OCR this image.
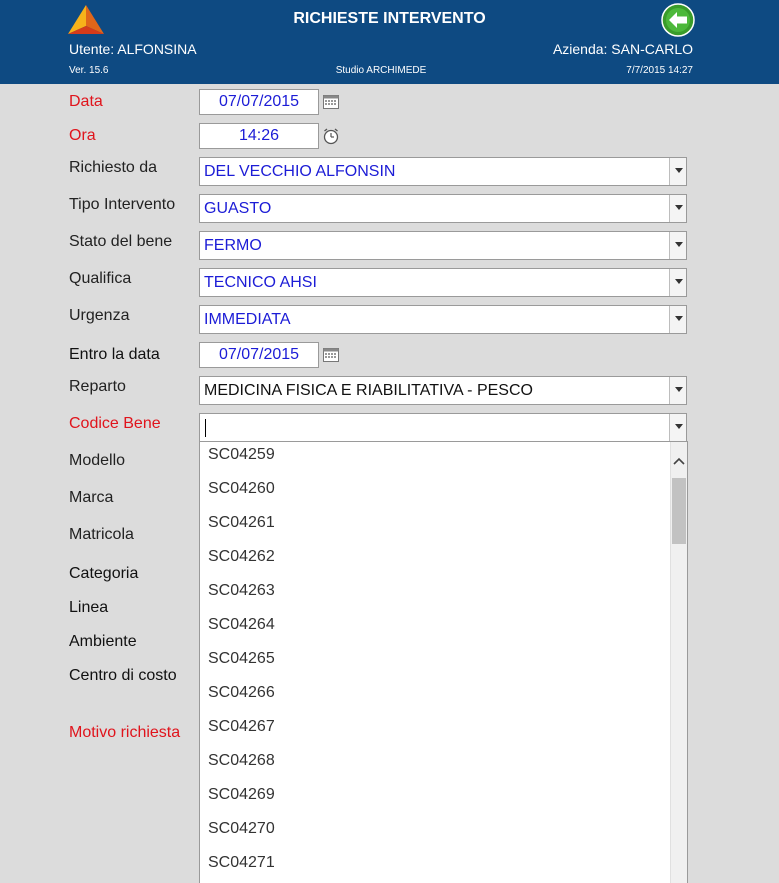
RICHIESTE INTERVENTO
Utente: ALFONSINA	Azienda: SAN-CARLO
Ver. 15.6	Studio ARCHIMEDE	7/7/2015 14:27
Data	07/07/2015
Ora	14:26
Richiesto da	DEL VECCHIO ALFONSIN
Tipo Intervento	GUASTO
Stato del bene	FERMO
Qualifica	TECNICO AHSI
Urgenza	IMMEDIATA
Entro la data	07/07/2015
Reparto	MEDICINA FISICA E RIABILITATIVA - PESCO
Codice Bene
Modello
Marca
Matricola
Categoria
Linea
Ambiente
Centro di costo
Motivo richiesta
SC04259
SC04260
SC04261
SC04262
SC04263
SC04264
SC04265
SC04266
SC04267
SC04268
SC04269
SC04270
SC04271
